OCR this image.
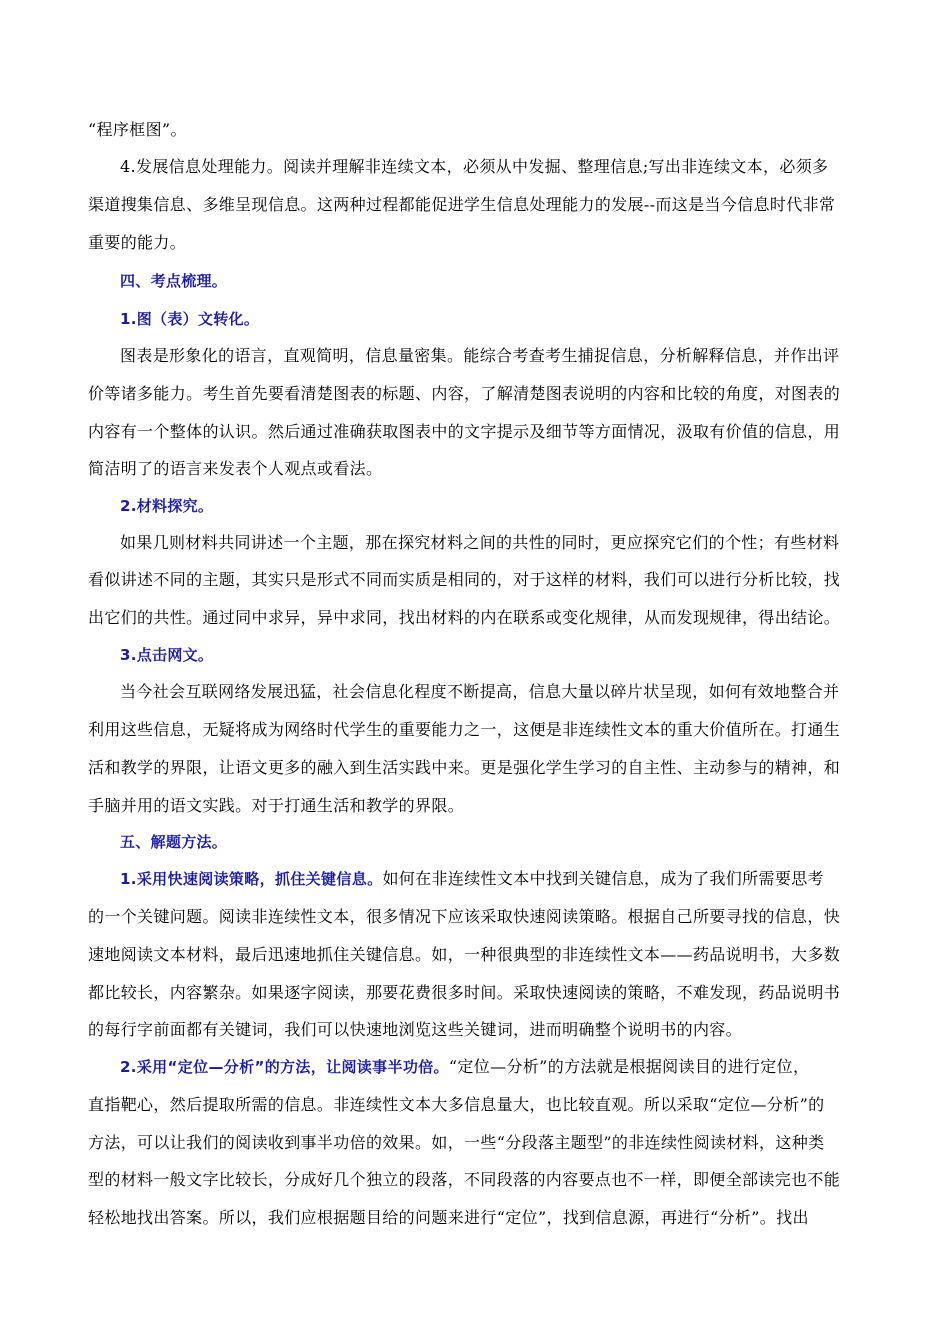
“程序框图”。
4.发展信息处理能力。阅读并理解非连续文本，必须从中发掘、整理信息;写出非连续文本，必须多
渠道搜集信息、多维呈现信息。这两种过程都能促进学生信息处理能力的发展--而这是当今信息时代非常
重要的能力。
四、考点梳理。
1.图（表）文转化。
图表是形象化的语言，直观简明，信息量密集。能综合考查考生捕捉信息，分析解释信息，并作出评
价等诸多能力。考生首先要看清楚图表的标题、内容，了解清楚图表说明的内容和比较的角度，对图表的
内容有一个整体的认识。然后通过准确获取图表中的文字提示及细节等方面情况，汲取有价值的信息，用
简洁明了的语言来发表个人观点或看法。
2.材料探究。
如果几则材料共同讲述一个主题，那在探究材料之间的共性的同时，更应探究它们的个性；有些材料
看似讲述不同的主题，其实只是形式不同而实质是相同的，对于这样的材料，我们可以进行分析比较，找
出它们的共性。通过同中求异，异中求同，找出材料的内在联系或变化规律，从而发现规律，得出结论。
3.点击网文。
当今社会互联网络发展迅猛，社会信息化程度不断提高，信息大量以碎片状呈现，如何有效地整合并
利用这些信息，无疑将成为网络时代学生的重要能力之一，这便是非连续性文本的重大价值所在。打通生
活和教学的界限，让语文更多的融入到生活实践中来。更是强化学生学习的自主性、主动参与的精神，和
手脑并用的语文实践。对于打通生活和教学的界限。
五、解题方法。
1.采用快速阅读策略，抓住关键信息。如何在非连续性文本中找到关键信息，成为了我们所需要思考
的一个关键问题。阅读非连续性文本，很多情况下应该采取快速阅读策略。根据自己所要寻找的信息，快
速地阅读文本材料，最后迅速地抓住关键信息。如，一种很典型的非连续性文本——药品说明书，大多数
都比较长，内容繁杂。如果逐字阅读，那要花费很多时间。采取快速阅读的策略，不难发现，药品说明书
的每行字前面都有关键词，我们可以快速地浏览这些关键词，进而明确整个说明书的内容。
2.采用“定位—分析”的方法，让阅读事半功倍。“定位—分析”的方法就是根据阅读目的进行定位，
直指靶心，然后提取所需的信息。非连续性文本大多信息量大，也比较直观。所以采取“定位—分析”的
方法，可以让我们的阅读收到事半功倍的效果。如，一些“分段落主题型”的非连续性阅读材料，这种类
型的材料一般文字比较长，分成好几个独立的段落，不同段落的内容要点也不一样，即便全部读完也不能
轻松地找出答案。所以，我们应根据题目给的问题来进行“定位”，找到信息源，再进行“分析”。找出
